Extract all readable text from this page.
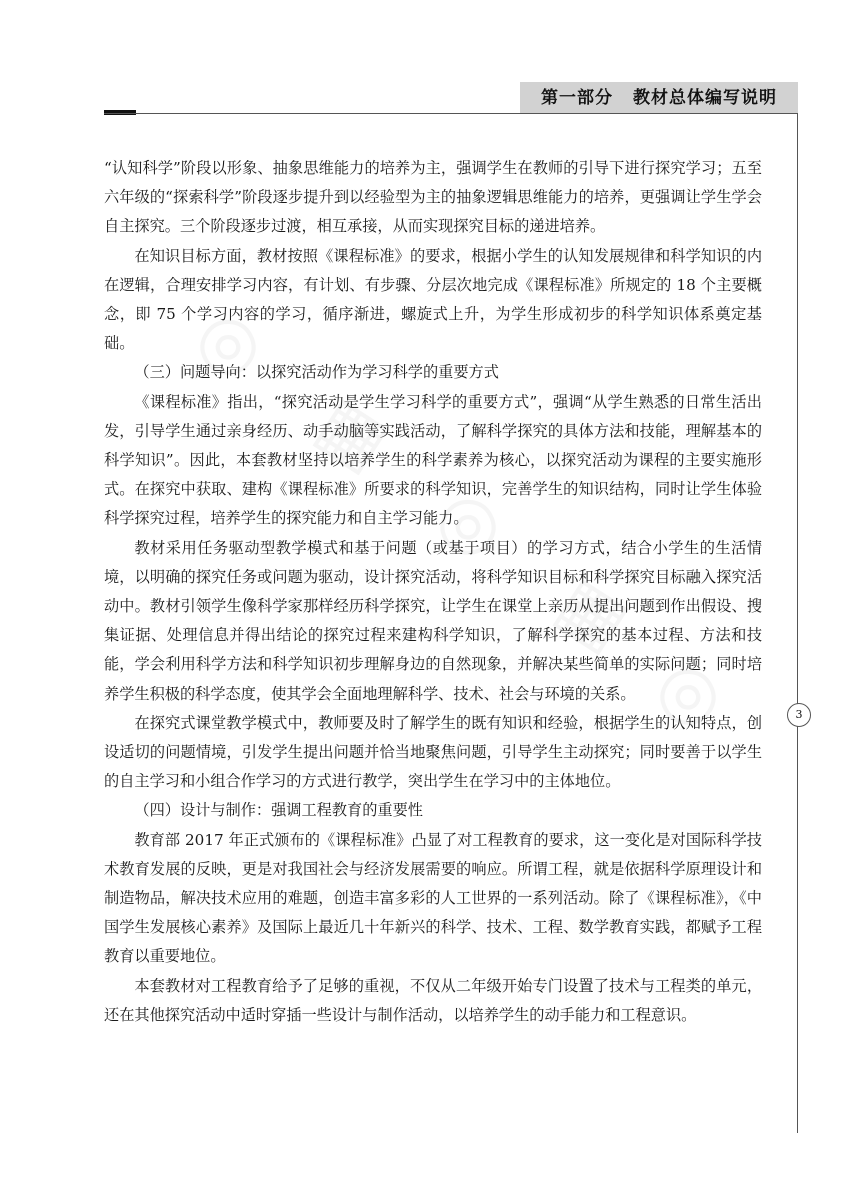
第一部分 教材总体编写说明
◎
▦
◎
▦
◎

“认知科学”阶段以形象、抽象思维能力的培养为主，强调学生在教师的引导下进行探究学习；五至六年级的“探索科学”阶段逐步提升到以经验型为主的抽象逻辑思维能力的培养，更强调让学生学会自主探究。三个阶段逐步过渡，相互承接，从而实现探究目标的递进培养。

在知识目标方面，教材按照《课程标准》的要求，根据小学生的认知发展规律和科学知识的内在逻辑，合理安排学习内容，有计划、有步骤、分层次地完成《课程标准》所规定的 18 个主要概念，即 75 个学习内容的学习，循序渐进，螺旋式上升，为学生形成初步的科学知识体系奠定基础。

（三）问题导向：以探究活动作为学习科学的重要方式

《课程标准》指出，“探究活动是学生学习科学的重要方式”，强调“从学生熟悉的日常生活出发，引导学生通过亲身经历、动手动脑等实践活动，了解科学探究的具体方法和技能，理解基本的科学知识”。因此，本套教材坚持以培养学生的科学素养为核心，以探究活动为课程的主要实施形式。在探究中获取、建构《课程标准》所要求的科学知识，完善学生的知识结构，同时让学生体验科学探究过程，培养学生的探究能力和自主学习能力。

教材采用任务驱动型教学模式和基于问题（或基于项目）的学习方式，结合小学生的生活情境，以明确的探究任务或问题为驱动，设计探究活动，将科学知识目标和科学探究目标融入探究活动中。教材引领学生像科学家那样经历科学探究，让学生在课堂上亲历从提出问题到作出假设、搜集证据、处理信息并得出结论的探究过程来建构科学知识，了解科学探究的基本过程、方法和技能，学会利用科学方法和科学知识初步理解身边的自然现象，并解决某些简单的实际问题；同时培养学生积极的科学态度，使其学会全面地理解科学、技术、社会与环境的关系。

在探究式课堂教学模式中，教师要及时了解学生的既有知识和经验，根据学生的认知特点，创设适切的问题情境，引发学生提出问题并恰当地聚焦问题，引导学生主动探究；同时要善于以学生的自主学习和小组合作学习的方式进行教学，突出学生在学习中的主体地位。

（四）设计与制作：强调工程教育的重要性

教育部 2017 年正式颁布的《课程标准》凸显了对工程教育的要求，这一变化是对国际科学技术教育发展的反映，更是对我国社会与经济发展需要的响应。所谓工程，就是依据科学原理设计和制造物品，解决技术应用的难题，创造丰富多彩的人工世界的一系列活动。除了《课程标准》，《中国学生发展核心素养》及国际上最近几十年新兴的科学、技术、工程、数学教育实践，都赋予工程教育以重要地位。

本套教材对工程教育给予了足够的重视，不仅从二年级开始专门设置了技术与工程类的单元，还在其他探究活动中适时穿插一些设计与制作活动，以培养学生的动手能力和工程意识。

3
